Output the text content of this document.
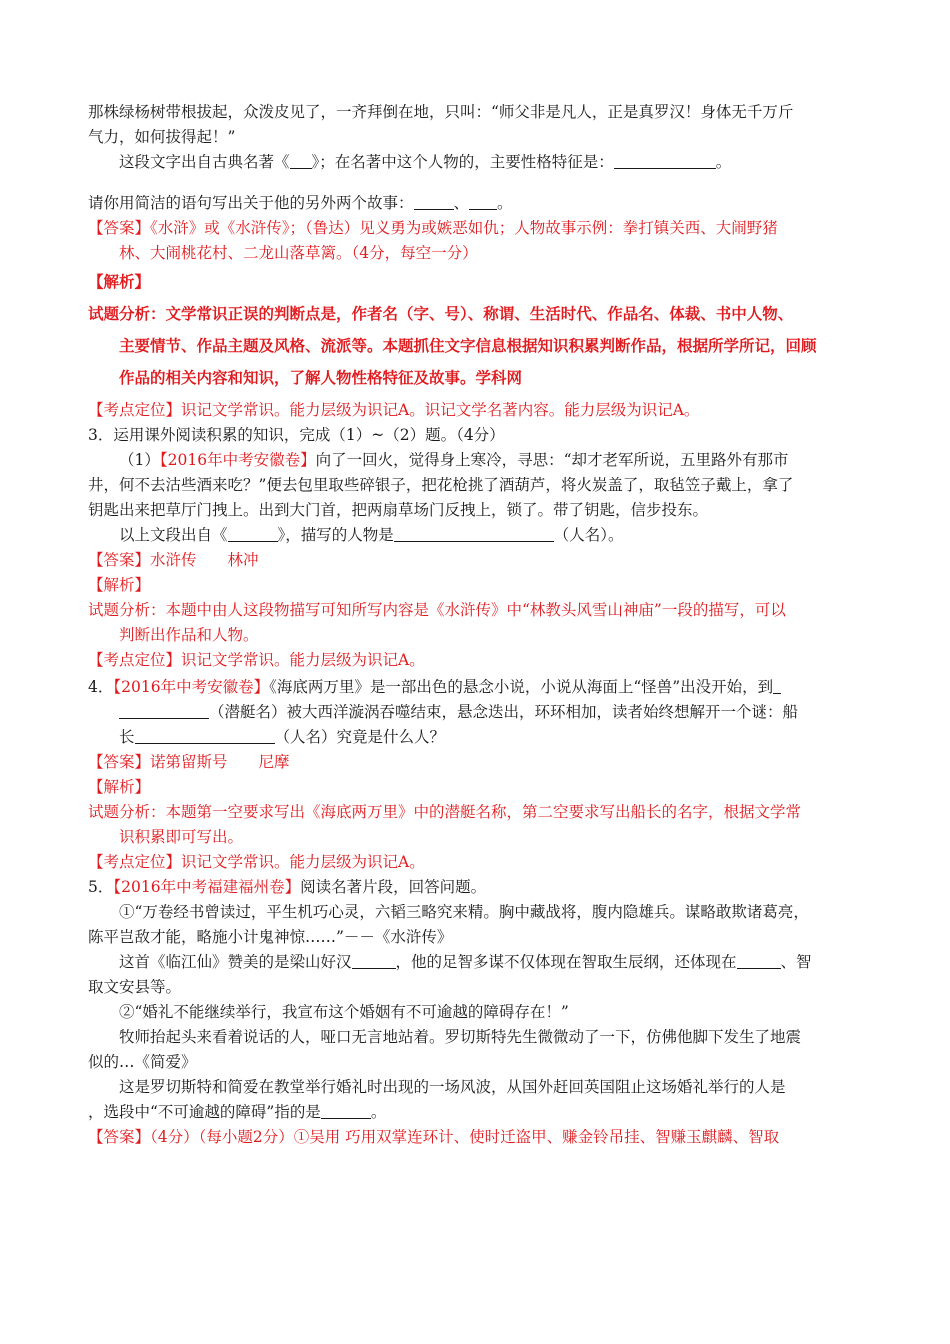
那株绿杨树带根拔起，众泼皮见了，一齐拜倒在地，只叫：“师父非是凡人，正是真罗汉！身体无千万斤
气力，如何拔得起！”
这段文字出自古典名著《 》；在名著中这个人物的，主要性格特征是：	。
请你用简洁的语句写出关于他的另外两个故事：	、 。
【答案】《水浒》或《水浒传》；（鲁达）见义勇为或嫉恶如仇；人物故事示例：拳打镇关西、大闹野猪
林、大闹桃花村、二龙山落草篱。（4分，每空一分）
【解析】
试题分析：文学常识正误的判断点是，作者名（字、号）、称谓、生活时代、作品名、体裁、书中人物、
主要情节、作品主题及风格、流派等。本题抓住文字信息根据知识积累判断作品，根据所学所记，回顾
作品的相关内容和知识，了解人物性格特征及故事。学科网
【考点定位】识记文学常识。能力层级为识记A。识记文学名著内容。能力层级为识记A。
3．运用课外阅读积累的知识，完成（1）~（2）题。（4分）
（1）【2016年中考安徽卷】向了一回火，觉得身上寒冷，寻思：“却才老军所说，五里路外有那市
井，何不去沽些酒来吃？”便去包里取些碎银子，把花枪挑了酒葫芦，将火炭盖了，取毡笠子戴上，拿了
钥匙出来把草厅门拽上。出到大门首，把两扇草场门反拽上，锁了。带了钥匙，信步投东。
以上文段出自《	》，描写的人物是	（人名）。
【答案】水浒传　　林冲
【解析】
试题分析：本题中由人这段物描写可知所写内容是《水浒传》中“林教头风雪山神庙”一段的描写，可以
判断出作品和人物。
【考点定位】识记文学常识。能力层级为识记A。
4．【2016年中考安徽卷】《海底两万里》是一部出色的悬念小说，小说从海面上“怪兽”出没开始，到
（潜艇名）被大西洋漩涡吞噬结束，悬念迭出，环环相加，读者始终想解开一个谜：船
长	（人名）究竟是什么人？
【答案】诺第留斯号　　尼摩
【解析】
试题分析：本题第一空要求写出《海底两万里》中的潜艇名称，第二空要求写出船长的名字，根据文学常
识积累即可写出。
【考点定位】识记文学常识。能力层级为识记A。
5．【2016年中考福建福州卷】阅读名著片段，回答问题。
①“万卷经书曾读过，平生机巧心灵，六韬三略究来精。胸中藏战将，腹内隐雄兵。谋略敢欺诸葛亮，
陈平岂敌才能，略施小计鬼神惊……”－－《水浒传》
这首《临江仙》赞美的是梁山好汉	，他的足智多谋不仅体现在智取生辰纲，还体现在	、智
取文安县等。
②“婚礼不能继续举行，我宣布这个婚姻有不可逾越的障碍存在！”
牧师抬起头来看着说话的人，哑口无言地站着。罗切斯特先生微微动了一下，仿佛他脚下发生了地震
似的…《简爱》
这是罗切斯特和简爱在教堂举行婚礼时出现的一场风波，从国外赶回英国阻止这场婚礼举行的人是
，选段中“不可逾越的障碍”指的是	。
【答案】（4分）（每小题2分）①吴用 巧用双掌连环计、使时迁盗甲、赚金铃吊挂、智赚玉麒麟、智取
